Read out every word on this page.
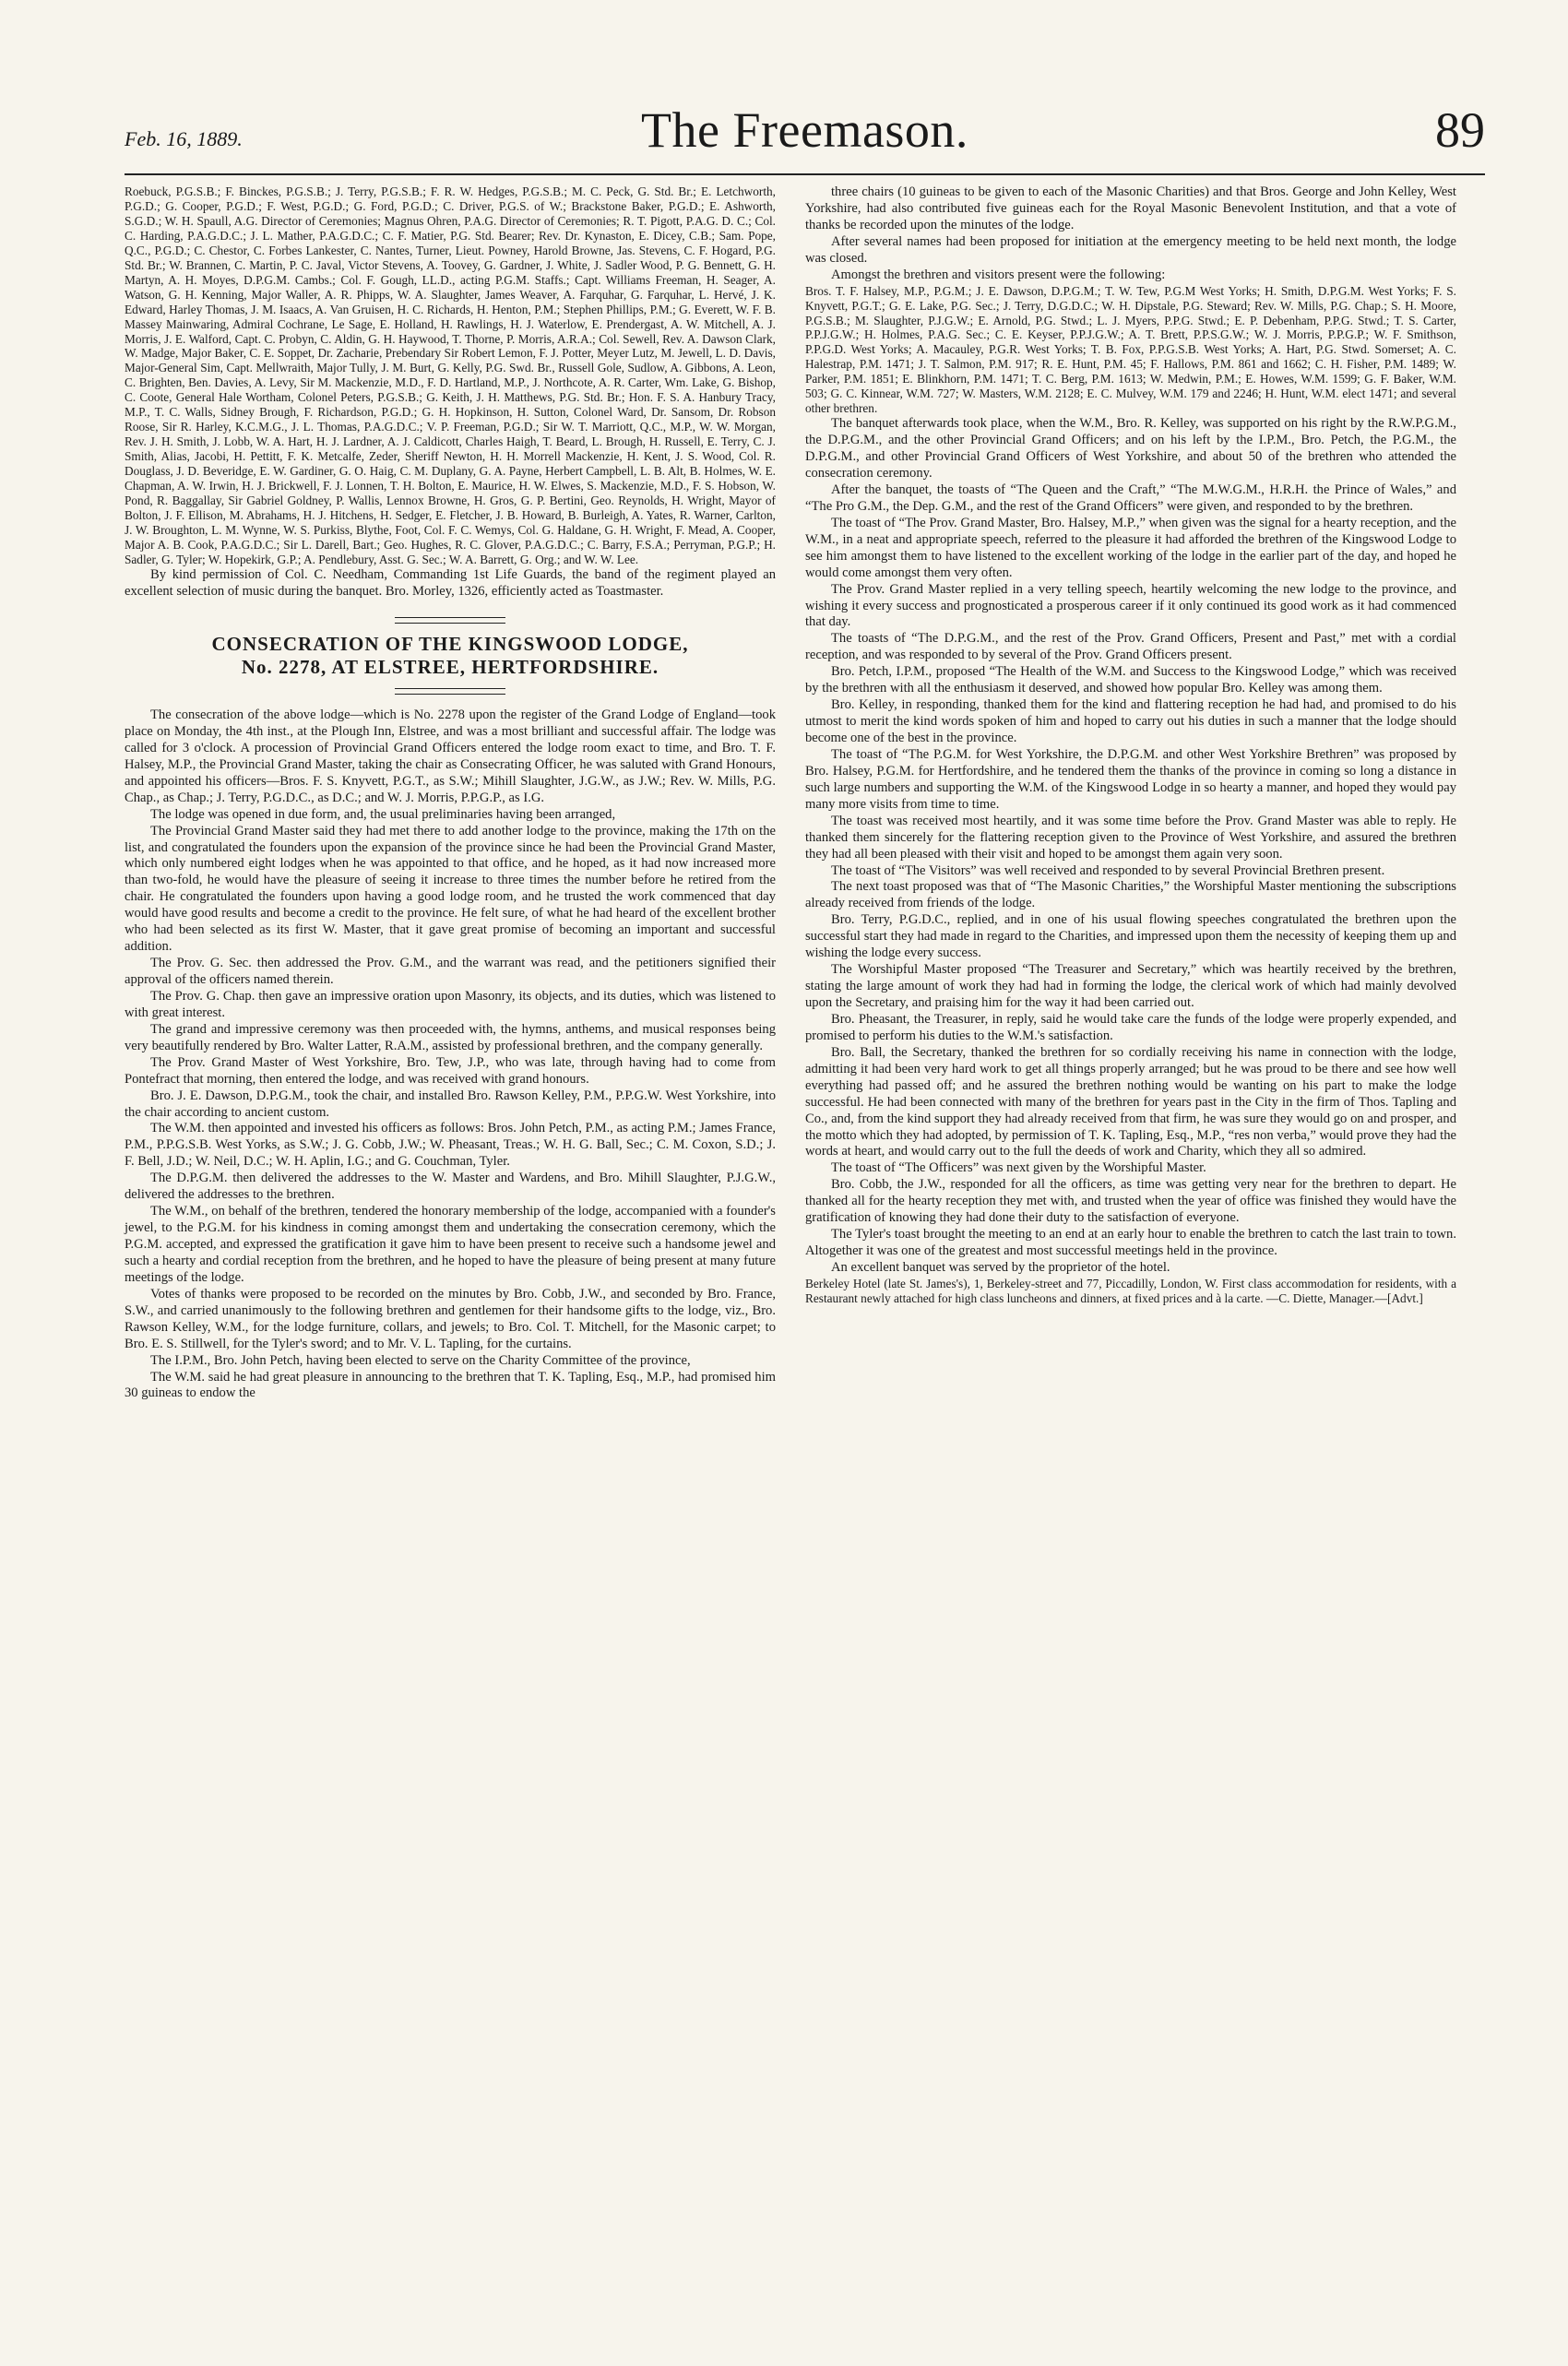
Feb. 16, 1889.	The Freemason.	89

Roebuck, P.G.S.B.; F. Binckes, P.G.S.B.; J. Terry, P.G.S.B.; F. R. W. Hedges, P.G.S.B.; M. C. Peck, G. Std. Br.; E. Letchworth, P.G.D.; G. Cooper, P.G.D.; F. West, P.G.D.; G. Ford, P.G.D.; C. Driver, P.G.S. of W.; Brackstone Baker, P.G.D.; E. Ashworth, S.G.D.; W. H. Spaull, A.G. Director of Ceremonies; Magnus Ohren, P.A.G. Director of Ceremonies; R. T. Pigott, P.A.G. D. C.; Col. C. Harding, P.A.G.D.C.; J. L. Mather, P.A.G.D.C.; C. F. Matier, P.G. Std. Bearer; Rev. Dr. Kynaston, E. Dicey, C.B.; Sam. Pope, Q.C., P.G.D.; C. Chestor, C. Forbes Lankester, C. Nantes, Turner, Lieut. Powney, Harold Browne, Jas. Stevens, C. F. Hogard, P.G. Std. Br.; W. Brannen, C. Martin, P. C. Javal, Victor Stevens, A. Toovey, G. Gardner, J. White, J. Sadler Wood, P. G. Bennett, G. H. Martyn, A. H. Moyes, D.P.G.M. Cambs.; Col. F. Gough, LL.D., acting P.G.M. Staffs.; Capt. Williams Freeman, H. Seager, A. Watson, G. H. Kenning, Major Waller, A. R. Phipps, W. A. Slaughter, James Weaver, A. Farquhar, G. Farquhar, L. Hervé, J. K. Edward, Harley Thomas, J. M. Isaacs, A. Van Gruisen, H. C. Richards, H. Henton, P.M.; Stephen Phillips, P.M.; G. Everett, W. F. B. Massey Mainwaring, Admiral Cochrane, Le Sage, E. Holland, H. Rawlings, H. J. Waterlow, E. Prendergast, A. W. Mitchell, A. J. Morris, J. E. Walford, Capt. C. Probyn, C. Aldin, G. H. Haywood, T. Thorne, P. Morris, A.R.A.; Col. Sewell, Rev. A. Dawson Clark, W. Madge, Major Baker, C. E. Soppet, Dr. Zacharie, Prebendary Sir Robert Lemon, F. J. Potter, Meyer Lutz, M. Jewell, L. D. Davis, Major-General Sim, Capt. Mellwraith, Major Tully, J. M. Burt, G. Kelly, P.G. Swd. Br., Russell Gole, Sudlow, A. Gibbons, A. Leon, C. Brighten, Ben. Davies, A. Levy, Sir M. Mackenzie, M.D., F. D. Hartland, M.P., J. Northcote, A. R. Carter, Wm. Lake, G. Bishop, C. Coote, General Hale Wortham, Colonel Peters, P.G.S.B.; G. Keith, J. H. Matthews, P.G. Std. Br.; Hon. F. S. A. Hanbury Tracy, M.P., T. C. Walls, Sidney Brough, F. Richardson, P.G.D.; G. H. Hopkinson, H. Sutton, Colonel Ward, Dr. Sansom, Dr. Robson Roose, Sir R. Harley, K.C.M.G., J. L. Thomas, P.A.G.D.C.; V. P. Freeman, P.G.D.; Sir W. T. Marriott, Q.C., M.P., W. W. Morgan, Rev. J. H. Smith, J. Lobb, W. A. Hart, H. J. Lardner, A. J. Caldicott, Charles Haigh, T. Beard, L. Brough, H. Russell, E. Terry, C. J. Smith, Alias, Jacobi, H. Pettitt, F. K. Metcalfe, Zeder, Sheriff Newton, H. H. Morrell Mackenzie, H. Kent, J. S. Wood, Col. R. Douglass, J. D. Beveridge, E. W. Gardiner, G. O. Haig, C. M. Duplany, G. A. Payne, Herbert Campbell, L. B. Alt, B. Holmes, W. E. Chapman, A. W. Irwin, H. J. Brickwell, F. J. Lonnen, T. H. Bolton, E. Maurice, H. W. Elwes, S. Mackenzie, M.D., F. S. Hobson, W. Pond, R. Baggallay, Sir Gabriel Goldney, P. Wallis, Lennox Browne, H. Gros, G. P. Bertini, Geo. Reynolds, H. Wright, Mayor of Bolton, J. F. Ellison, M. Abrahams, H. J. Hitchens, H. Sedger, E. Fletcher, J. B. Howard, B. Burleigh, A. Yates, R. Warner, Carlton, J. W. Broughton, L. M. Wynne, W. S. Purkiss, Blythe, Foot, Col. F. C. Wemys, Col. G. Haldane, G. H. Wright, F. Mead, A. Cooper, Major A. B. Cook, P.A.G.D.C.; Sir L. Darell, Bart.; Geo. Hughes, R. C. Glover, P.A.G.D.C.; C. Barry, F.S.A.; Perryman, P.G.P.; H. Sadler, G. Tyler; W. Hopekirk, G.P.; A. Pendlebury, Asst. G. Sec.; W. A. Barrett, G. Org.; and W. W. Lee.

By kind permission of Col. C. Needham, Commanding 1st Life Guards, the band of the regiment played an excellent selection of music during the banquet. Bro. Morley, 1326, efficiently acted as Toastmaster.

CONSECRATION OF THE KINGSWOOD LODGE,
No. 2278, AT ELSTREE, HERTFORDSHIRE.

The consecration of the above lodge—which is No. 2278 upon the register of the Grand Lodge of England—took place on Monday, the 4th inst., at the Plough Inn, Elstree, and was a most brilliant and successful affair. The lodge was called for 3 o'clock. A procession of Provincial Grand Officers entered the lodge room exact to time, and Bro. T. F. Halsey, M.P., the Provincial Grand Master, taking the chair as Consecrating Officer, he was saluted with Grand Honours, and appointed his officers—Bros. F. S. Knyvett, P.G.T., as S.W.; Mihill Slaughter, J.G.W., as J.W.; Rev. W. Mills, P.G. Chap., as Chap.; J. Terry, P.G.D.C., as D.C.; and W. J. Morris, P.P.G.P., as I.G.

The lodge was opened in due form, and, the usual preliminaries having been arranged,

The Provincial Grand Master said they had met there to add another lodge to the province, making the 17th on the list, and congratulated the founders upon the expansion of the province since he had been the Provincial Grand Master, which only numbered eight lodges when he was appointed to that office, and he hoped, as it had now increased more than two-fold, he would have the pleasure of seeing it increase to three times the number before he retired from the chair. He congratulated the founders upon having a good lodge room, and he trusted the work commenced that day would have good results and become a credit to the province. He felt sure, of what he had heard of the excellent brother who had been selected as its first W. Master, that it gave great promise of becoming an important and successful addition.

The Prov. G. Sec. then addressed the Prov. G.M., and the warrant was read, and the petitioners signified their approval of the officers named therein.

The Prov. G. Chap. then gave an impressive oration upon Masonry, its objects, and its duties, which was listened to with great interest.

The grand and impressive ceremony was then proceeded with, the hymns, anthems, and musical responses being very beautifully rendered by Bro. Walter Latter, R.A.M., assisted by professional brethren, and the company generally.

The Prov. Grand Master of West Yorkshire, Bro. Tew, J.P., who was late, through having had to come from Pontefract that morning, then entered the lodge, and was received with grand honours.

Bro. J. E. Dawson, D.P.G.M., took the chair, and installed Bro. Rawson Kelley, P.M., P.P.G.W. West Yorkshire, into the chair according to ancient custom.

The W.M. then appointed and invested his officers as follows: Bros. John Petch, P.M., as acting P.M.; James France, P.M., P.P.G.S.B. West Yorks, as S.W.; J. G. Cobb, J.W.; W. Pheasant, Treas.; W. H. G. Ball, Sec.; C. M. Coxon, S.D.; J. F. Bell, J.D.; W. Neil, D.C.; W. H. Aplin, I.G.; and G. Couchman, Tyler.

The D.P.G.M. then delivered the addresses to the W. Master and Wardens, and Bro. Mihill Slaughter, P.J.G.W., delivered the addresses to the brethren.

The W.M., on behalf of the brethren, tendered the honorary membership of the lodge, accompanied with a founder's jewel, to the P.G.M. for his kindness in coming amongst them and undertaking the consecration ceremony, which the P.G.M. accepted, and expressed the gratification it gave him to have been present to receive such a handsome jewel and such a hearty and cordial reception from the brethren, and he hoped to have the pleasure of being present at many future meetings of the lodge.

Votes of thanks were proposed to be recorded on the minutes by Bro. Cobb, J.W., and seconded by Bro. France, S.W., and carried unanimously to the following brethren and gentlemen for their handsome gifts to the lodge, viz., Bro. Rawson Kelley, W.M., for the lodge furniture, collars, and jewels; to Bro. Col. T. Mitchell, for the Masonic carpet; to Bro. E. S. Stillwell, for the Tyler's sword; and to Mr. V. L. Tapling, for the curtains.

The I.P.M., Bro. John Petch, having been elected to serve on the Charity Committee of the province,

The W.M. said he had great pleasure in announcing to the brethren that T. K. Tapling, Esq., M.P., had promised him 30 guineas to endow the

three chairs (10 guineas to be given to each of the Masonic Charities) and that Bros. George and John Kelley, West Yorkshire, had also contributed five guineas each for the Royal Masonic Benevolent Institution, and that a vote of thanks be recorded upon the minutes of the lodge.

After several names had been proposed for initiation at the emergency meeting to be held next month, the lodge was closed.

Amongst the brethren and visitors present were the following:

Bros. T. F. Halsey, M.P., P.G.M.; J. E. Dawson, D.P.G.M.; T. W. Tew, P.G.M West Yorks; H. Smith, D.P.G.M. West Yorks; F. S. Knyvett, P.G.T.; G. E. Lake, P.G. Sec.; J. Terry, D.G.D.C.; W. H. Dipstale, P.G. Steward; Rev. W. Mills, P.G. Chap.; S. H. Moore, P.G.S.B.; M. Slaughter, P.J.G.W.; E. Arnold, P.G. Stwd.; L. J. Myers, P.P.G. Stwd.; E. P. Debenham, P.P.G. Stwd.; T. S. Carter, P.P.J.G.W.; H. Holmes, P.A.G. Sec.; C. E. Keyser, P.P.J.G.W.; A. T. Brett, P.P.S.G.W.; W. J. Morris, P.P.G.P.; W. F. Smithson, P.P.G.D. West Yorks; A. Macauley, P.G.R. West Yorks; T. B. Fox, P.P.G.S.B. West Yorks; A. Hart, P.G. Stwd. Somerset; A. C. Halestrap, P.M. 1471; J. T. Salmon, P.M. 917; R. E. Hunt, P.M. 45; F. Hallows, P.M. 861 and 1662; C. H. Fisher, P.M. 1489; W. Parker, P.M. 1851; E. Blinkhorn, P.M. 1471; T. C. Berg, P.M. 1613; W. Medwin, P.M.; E. Howes, W.M. 1599; G. F. Baker, W.M. 503; G. C. Kinnear, W.M. 727; W. Masters, W.M. 2128; E. C. Mulvey, W.M. 179 and 2246; H. Hunt, W.M. elect 1471; and several other brethren.

The banquet afterwards took place, when the W.M., Bro. R. Kelley, was supported on his right by the R.W.P.G.M., the D.P.G.M., and the other Provincial Grand Officers; and on his left by the I.P.M., Bro. Petch, the P.G.M., the D.P.G.M., and other Provincial Grand Officers of West Yorkshire, and about 50 of the brethren who attended the consecration ceremony.

After the banquet, the toasts of “The Queen and the Craft,” “The M.W.G.M., H.R.H. the Prince of Wales,” and “The Pro G.M., the Dep. G.M., and the rest of the Grand Officers” were given, and responded to by the brethren.

The toast of “The Prov. Grand Master, Bro. Halsey, M.P.,” when given was the signal for a hearty reception, and the W.M., in a neat and appropriate speech, referred to the pleasure it had afforded the brethren of the Kingswood Lodge to see him amongst them to have listened to the excellent working of the lodge in the earlier part of the day, and hoped he would come amongst them very often.

The Prov. Grand Master replied in a very telling speech, heartily welcoming the new lodge to the province, and wishing it every success and prognosticated a prosperous career if it only continued its good work as it had commenced that day.

The toasts of “The D.P.G.M., and the rest of the Prov. Grand Officers, Present and Past,” met with a cordial reception, and was responded to by several of the Prov. Grand Officers present.

Bro. Petch, I.P.M., proposed “The Health of the W.M. and Success to the Kingswood Lodge,” which was received by the brethren with all the enthusiasm it deserved, and showed how popular Bro. Kelley was among them.

Bro. Kelley, in responding, thanked them for the kind and flattering reception he had had, and promised to do his utmost to merit the kind words spoken of him and hoped to carry out his duties in such a manner that the lodge should become one of the best in the province.

The toast of “The P.G.M. for West Yorkshire, the D.P.G.M. and other West Yorkshire Brethren” was proposed by Bro. Halsey, P.G.M. for Hertfordshire, and he tendered them the thanks of the province in coming so long a distance in such large numbers and supporting the W.M. of the Kingswood Lodge in so hearty a manner, and hoped they would pay many more visits from time to time.

The toast was received most heartily, and it was some time before the Prov. Grand Master was able to reply. He thanked them sincerely for the flattering reception given to the Province of West Yorkshire, and assured the brethren they had all been pleased with their visit and hoped to be amongst them again very soon.

The toast of “The Visitors” was well received and responded to by several Provincial Brethren present.

The next toast proposed was that of “The Masonic Charities,” the Worshipful Master mentioning the subscriptions already received from friends of the lodge.

Bro. Terry, P.G.D.C., replied, and in one of his usual flowing speeches congratulated the brethren upon the successful start they had made in regard to the Charities, and impressed upon them the necessity of keeping them up and wishing the lodge every success.

The Worshipful Master proposed “The Treasurer and Secretary,” which was heartily received by the brethren, stating the large amount of work they had had in forming the lodge, the clerical work of which had mainly devolved upon the Secretary, and praising him for the way it had been carried out.

Bro. Pheasant, the Treasurer, in reply, said he would take care the funds of the lodge were properly expended, and promised to perform his duties to the W.M.'s satisfaction.

Bro. Ball, the Secretary, thanked the brethren for so cordially receiving his name in connection with the lodge, admitting it had been very hard work to get all things properly arranged; but he was proud to be there and see how well everything had passed off; and he assured the brethren nothing would be wanting on his part to make the lodge successful. He had been connected with many of the brethren for years past in the City in the firm of Thos. Tapling and Co., and, from the kind support they had already received from that firm, he was sure they would go on and prosper, and the motto which they had adopted, by permission of T. K. Tapling, Esq., M.P., “res non verba,” would prove they had the words at heart, and would carry out to the full the deeds of work and Charity, which they all so admired.

The toast of “The Officers” was next given by the Worshipful Master.

Bro. Cobb, the J.W., responded for all the officers, as time was getting very near for the brethren to depart. He thanked all for the hearty reception they met with, and trusted when the year of office was finished they would have the gratification of knowing they had done their duty to the satisfaction of everyone.

The Tyler's toast brought the meeting to an end at an early hour to enable the brethren to catch the last train to town. Altogether it was one of the greatest and most successful meetings held in the province.

An excellent banquet was served by the proprietor of the hotel.

Berkeley Hotel (late St. James's), 1, Berkeley-street and 77, Piccadilly, London, W. First class accommodation for residents, with a Restaurant newly attached for high class luncheons and dinners, at fixed prices and à la carte. —C. Diette, Manager.—[Advt.]
